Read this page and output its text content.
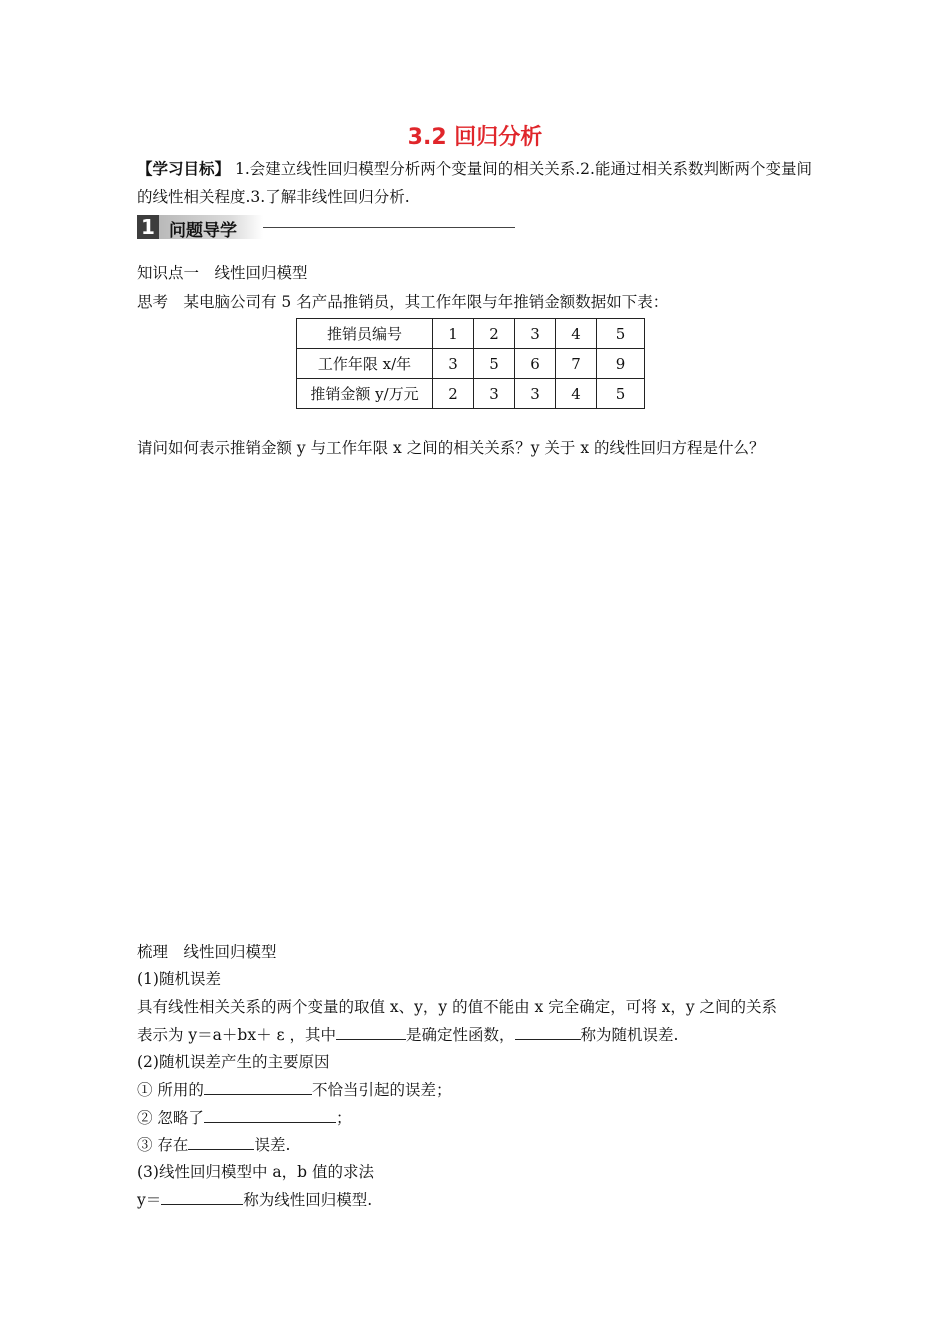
3.2 回归分析
【学习目标】 1.会建立线性回归模型分析两个变量间的相关关系.2.能通过相关系数判断两个变量间的线性相关程度.3.了解非线性回归分析.
1 问题导学
知识点一　线性回归模型
思考　某电脑公司有 5 名产品推销员，其工作年限与年推销金额数据如下表：
推销员编号	1	2	3	4	5
工作年限 x/年	3	5	6	7	9
推销金额 y/万元	2	3	3	4	5
请问如何表示推销金额 y 与工作年限 x 之间的相关关系？y 关于 x 的线性回归方程是什么？
梳理　线性回归模型
(1)随机误差
具有线性相关关系的两个变量的取值 x、y，y 的值不能由 x 完全确定，可将 x，y 之间的关系
表示为 y＝a＋bx＋ ε ，其中	是确定性函数，	称为随机误差.
(2)随机误差产生的主要原因
① 所用的	不恰当引起的误差；
② 忽略了	；
③ 存在	误差.
(3)线性回归模型中 a，b 值的求法
y＝	称为线性回归模型.
